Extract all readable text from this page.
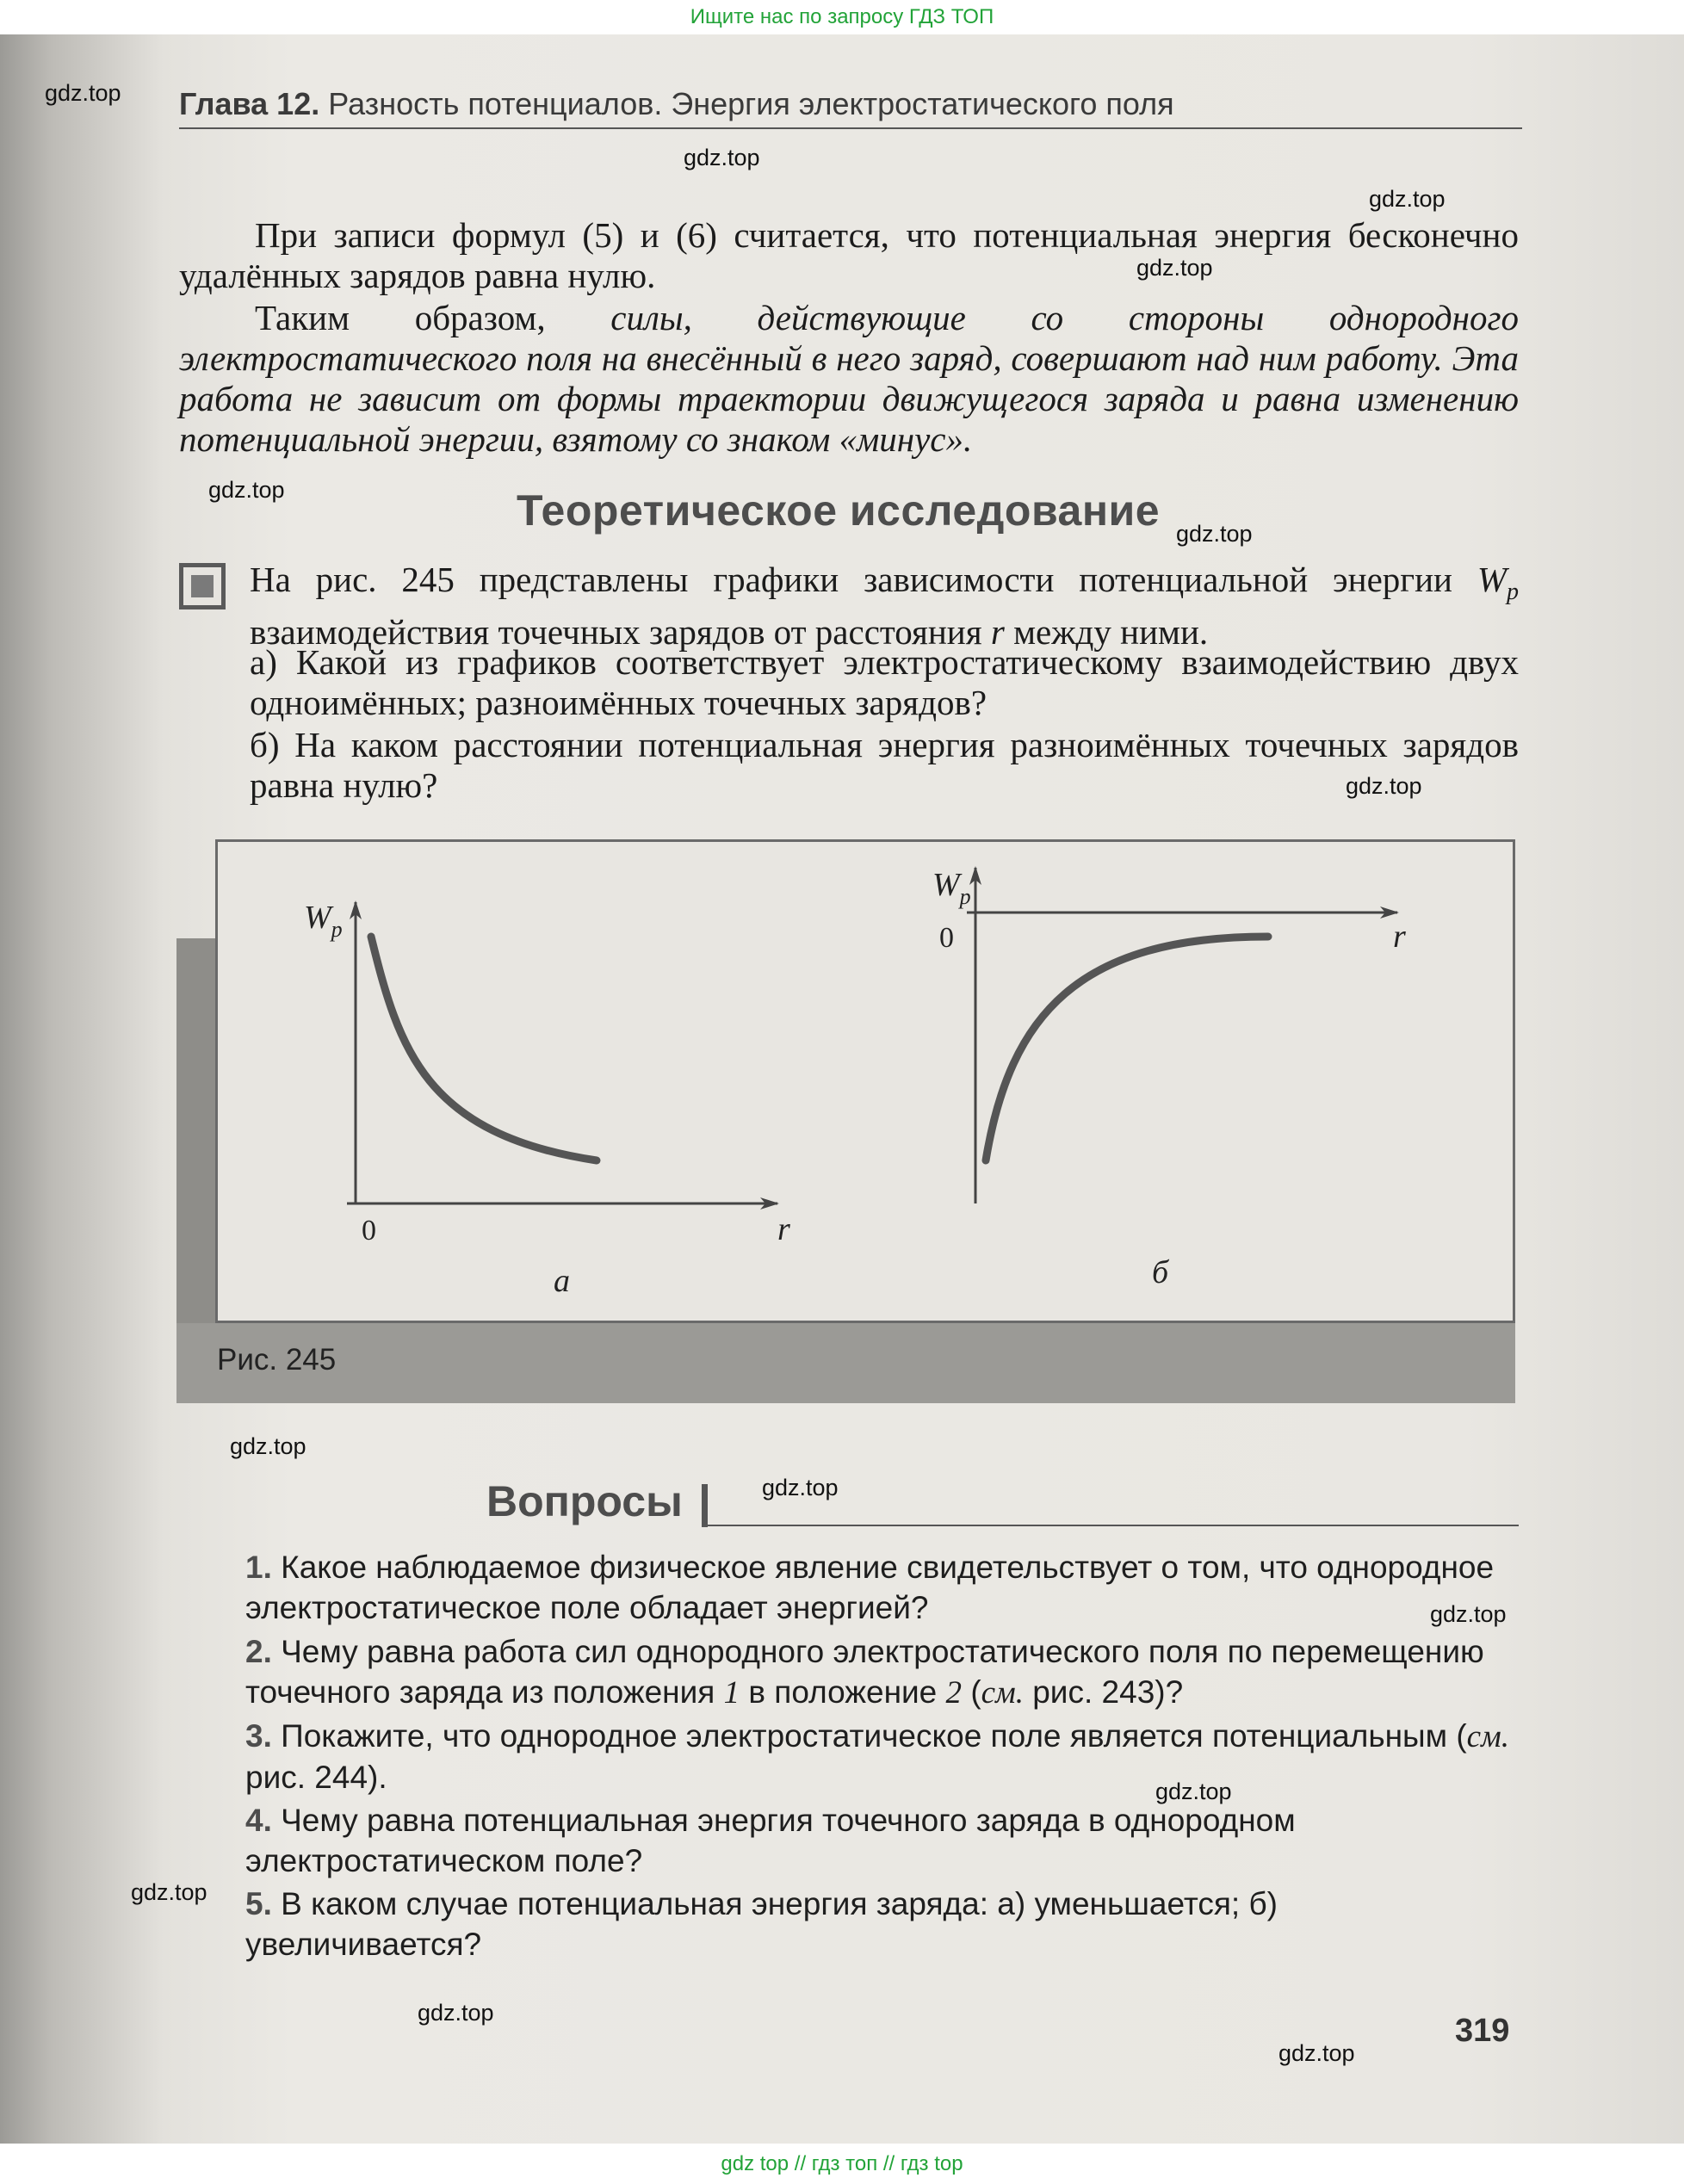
Ищите нас по запросу ГДЗ ТОП
gdz.top
gdz.top
gdz.top
gdz.top
gdz.top
gdz.top
gdz.top
gdz.top
gdz.top
gdz.top
gdz.top
gdz.top
gdz.top
gdz.top
Глава 12. Разность потенциалов. Энергия электростатического поля
При записи формул (5) и (6) считается, что потенциальная энергия бесконечно удалённых зарядов равна нулю.
Таким образом, силы, действующие со стороны однородного электростатического поля на внесённый в него заряд, совершают над ним работу. Эта работа не зависит от формы траектории движущегося заряда и равна изменению потенциальной энергии, взятому со знаком «минус».
Теоретическое исследование
На рис. 245 представлены графики зависимости потенциальной энергии $W_p$ взаимодействия точечных зарядов от расстояния r между ними.
а) Какой из графиков соответствует электростатическому взаимодействию двух одноимённых; разноимённых точечных зарядов?
б) На каком расстоянии потенциальная энергия разноимённых точечных зарядов равна нулю?
$W_p$
0	r
а
$W_p$
0	r
б
Рис. 245
Вопросы
1. Какое наблюдаемое физическое явление свидетельствует о том, что однородное электростатическое поле обладает энергией?
2. Чему равна работа сил однородного электростатического поля по перемещению точечного заряда из положения 1 в положение 2 (см. рис. 243)?
3. Покажите, что однородное электростатическое поле является потенциальным (см. рис. 244).
4. Чему равна потенциальная энергия точечного заряда в однородном электростатическом поле?
5. В каком случае потенциальная энергия заряда: а) уменьшается; б) увеличивается?
319
gdz top // гдз топ // гдз top
